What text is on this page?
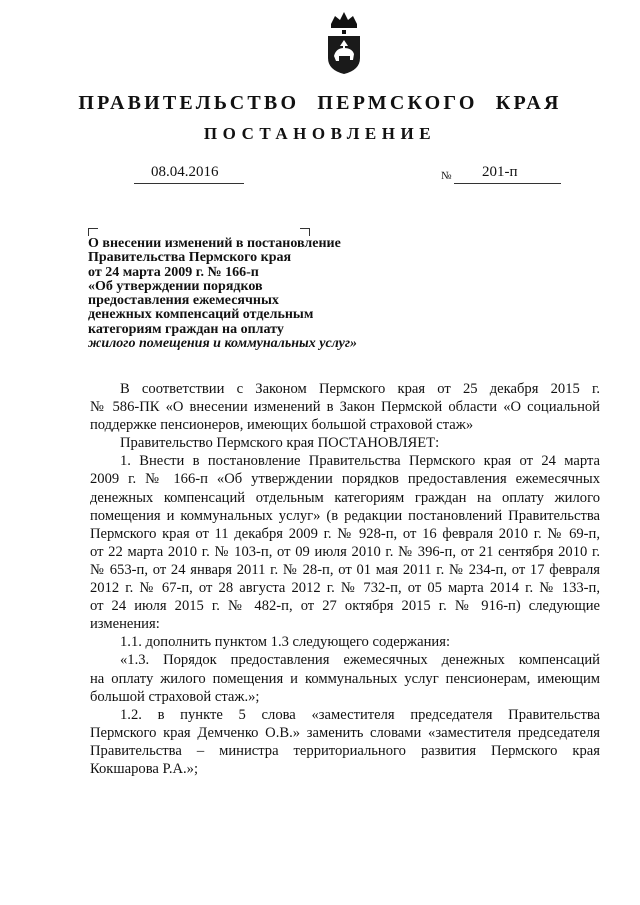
ПРАВИТЕЛЬСТВО ПЕРМСКОГО КРАЯ
ПОСТАНОВЛЕНИЕ
08.04.2016	№ 201-п
О внесении изменений в постановление
Правительства Пермского края
от 24 марта 2009 г. № 166-п
«Об утверждении порядков
предоставления ежемесячных
денежных компенсаций отдельным
категориям граждан на оплату
жилого помещения и коммунальных услуг»

В соответствии с Законом Пермского края от 25 декабря 2015 г.
№ 586-ПК «О внесении изменений в Закон Пермской области «О социальной
поддержке пенсионеров, имеющих большой страховой стаж»

Правительство Пермского края ПОСТАНОВЛЯЕТ:

1. Внести в постановление Правительства Пермского края от 24 марта
2009 г. № 166-п «Об утверждении порядков предоставления ежемесячных
денежных компенсаций отдельным категориям граждан на оплату жилого
помещения и коммунальных услуг» (в редакции постановлений Правительства
Пермского края от 11 декабря 2009 г. № 928-п, от 16 февраля 2010 г. № 69-п,
от 22 марта 2010 г. № 103-п, от 09 июля 2010 г. № 396-п, от 21 сентября 2010 г.
№ 653-п, от 24 января 2011 г. № 28-п, от 01 мая 2011 г. № 234-п, от 17 февраля
2012 г. № 67-п, от 28 августа 2012 г. № 732-п, от 05 марта 2014 г. № 133-п,
от 24 июля 2015 г. № 482-п, от 27 октября 2015 г. № 916-п) следующие
изменения:

1.1. дополнить пунктом 1.3 следующего содержания:

«1.3. Порядок предоставления ежемесячных денежных компенсаций
на оплату жилого помещения и коммунальных услуг пенсионерам, имеющим
большой страховой стаж.»;

1.2. в пункте 5 слова «заместителя председателя Правительства
Пермского края Демченко О.В.» заменить словами «заместителя председателя
Правительства – министра территориального развития Пермского края
Кокшарова Р.А.»;
